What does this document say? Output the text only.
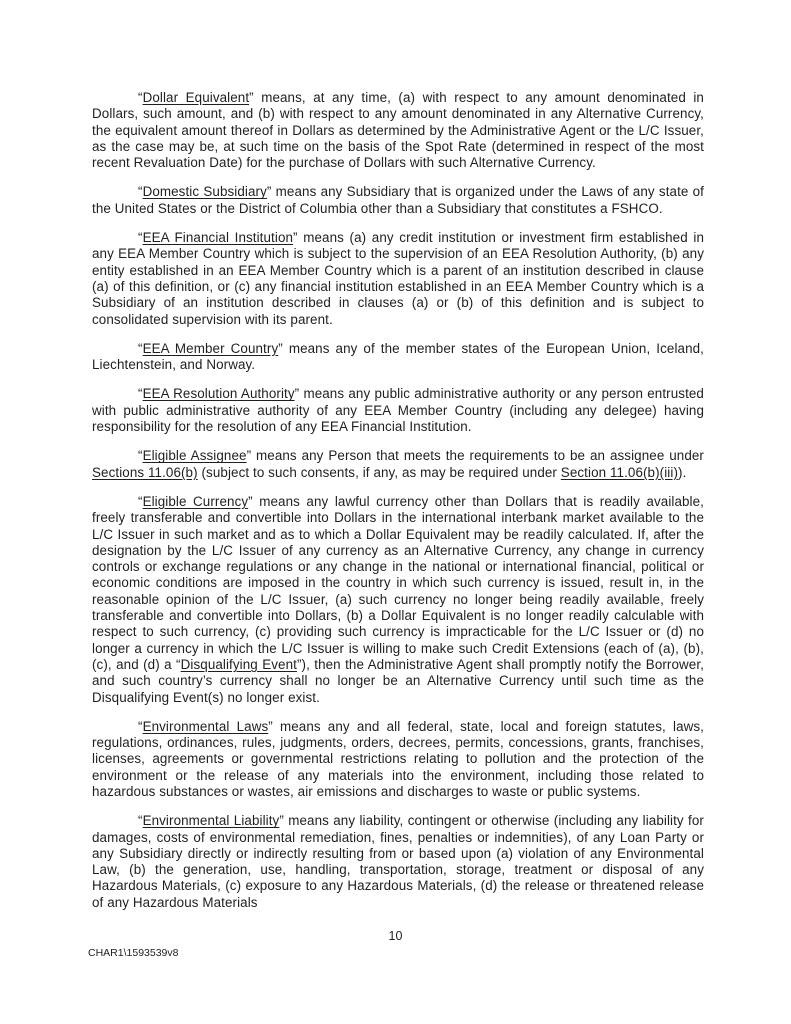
“Dollar Equivalent” means, at any time, (a) with respect to any amount denominated in Dollars, such amount, and (b) with respect to any amount denominated in any Alternative Currency, the equivalent amount thereof in Dollars as determined by the Administrative Agent or the L/C Issuer, as the case may be, at such time on the basis of the Spot Rate (determined in respect of the most recent Revaluation Date) for the purchase of Dollars with such Alternative Currency.

“Domestic Subsidiary” means any Subsidiary that is organized under the Laws of any state of the United States or the District of Columbia other than a Subsidiary that constitutes a FSHCO.

“EEA Financial Institution” means (a) any credit institution or investment firm established in any EEA Member Country which is subject to the supervision of an EEA Resolution Authority, (b) any entity established in an EEA Member Country which is a parent of an institution described in clause (a) of this definition, or (c) any financial institution established in an EEA Member Country which is a Subsidiary of an institution described in clauses (a) or (b) of this definition and is subject to consolidated supervision with its parent.

“EEA Member Country” means any of the member states of the European Union, Iceland, Liechtenstein, and Norway.

“EEA Resolution Authority” means any public administrative authority or any person entrusted with public administrative authority of any EEA Member Country (including any delegee) having responsibility for the resolution of any EEA Financial Institution.

“Eligible Assignee” means any Person that meets the requirements to be an assignee under Sections 11.06(b) (subject to such consents, if any, as may be required under Section 11.06(b)(iii)).

“Eligible Currency” means any lawful currency other than Dollars that is readily available, freely transferable and convertible into Dollars in the international interbank market available to the L/C Issuer in such market and as to which a Dollar Equivalent may be readily calculated. If, after the designation by the L/C Issuer of any currency as an Alternative Currency, any change in currency controls or exchange regulations or any change in the national or international financial, political or economic conditions are imposed in the country in which such currency is issued, result in, in the reasonable opinion of the L/C Issuer, (a) such currency no longer being readily available, freely transferable and convertible into Dollars, (b) a Dollar Equivalent is no longer readily calculable with respect to such currency, (c) providing such currency is impracticable for the L/C Issuer or (d) no longer a currency in which the L/C Issuer is willing to make such Credit Extensions (each of (a), (b), (c), and (d) a “Disqualifying Event”), then the Administrative Agent shall promptly notify the Borrower, and such country’s currency shall no longer be an Alternative Currency until such time as the Disqualifying Event(s) no longer exist.

“Environmental Laws” means any and all federal, state, local and foreign statutes, laws, regulations, ordinances, rules, judgments, orders, decrees, permits, concessions, grants, franchises, licenses, agreements or governmental restrictions relating to pollution and the protection of the environment or the release of any materials into the environment, including those related to hazardous substances or wastes, air emissions and discharges to waste or public systems.

“Environmental Liability” means any liability, contingent or otherwise (including any liability for damages, costs of environmental remediation, fines, penalties or indemnities), of any Loan Party or any Subsidiary directly or indirectly resulting from or based upon (a) violation of any Environmental Law, (b) the generation, use, handling, transportation, storage, treatment or disposal of any Hazardous Materials, (c) exposure to any Hazardous Materials, (d) the release or threatened release of any Hazardous Materials

10
CHAR1\1593539v8
